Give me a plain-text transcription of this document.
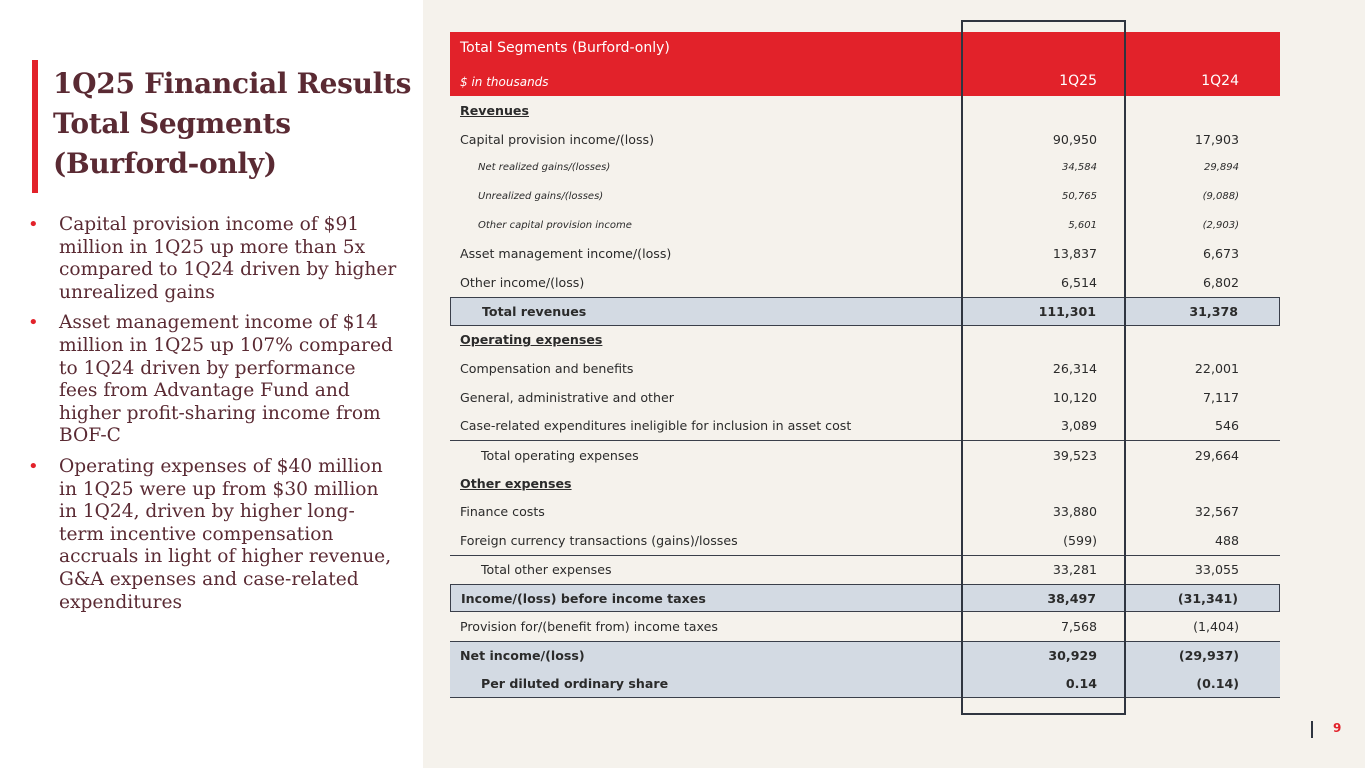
1Q25 Financial Results
Total Segments
(Burford-only)
• Capital provision income of $91 million in 1Q25 up more than 5x compared to 1Q24 driven by higher unrealized gains
• Asset management income of $14 million in 1Q25 up 107% compared to 1Q24 driven by performance fees from Advantage Fund and higher profit-sharing income from BOF-C
• Operating expenses of $40 million in 1Q25 were up from $30 million in 1Q24, driven by higher long-term incentive compensation accruals in light of higher revenue, G&A expenses and case-related expenditures
Total Segments (Burford-only)
$ in thousands	1Q25	1Q24
Revenues
Capital provision income/(loss)	90,950	17,903
Net realized gains/(losses)	34,584	29,894
Unrealized gains/(losses)	50,765	(9,088)
Other capital provision income	5,601	(2,903)
Asset management income/(loss)	13,837	6,673
Other income/(loss)	6,514	6,802
Total revenues	111,301	31,378
Operating expenses
Compensation and benefits	26,314	22,001
General, administrative and other	10,120	7,117
Case-related expenditures ineligible for inclusion in asset cost	3,089	546
Total operating expenses	39,523	29,664
Other expenses
Finance costs	33,880	32,567
Foreign currency transactions (gains)/losses	(599)	488
Total other expenses	33,281	33,055
Income/(loss) before income taxes	38,497	(31,341)
Provision for/(benefit from) income taxes	7,568	(1,404)
Net income/(loss)	30,929	(29,937)
Per diluted ordinary share	0.14	(0.14)
9
